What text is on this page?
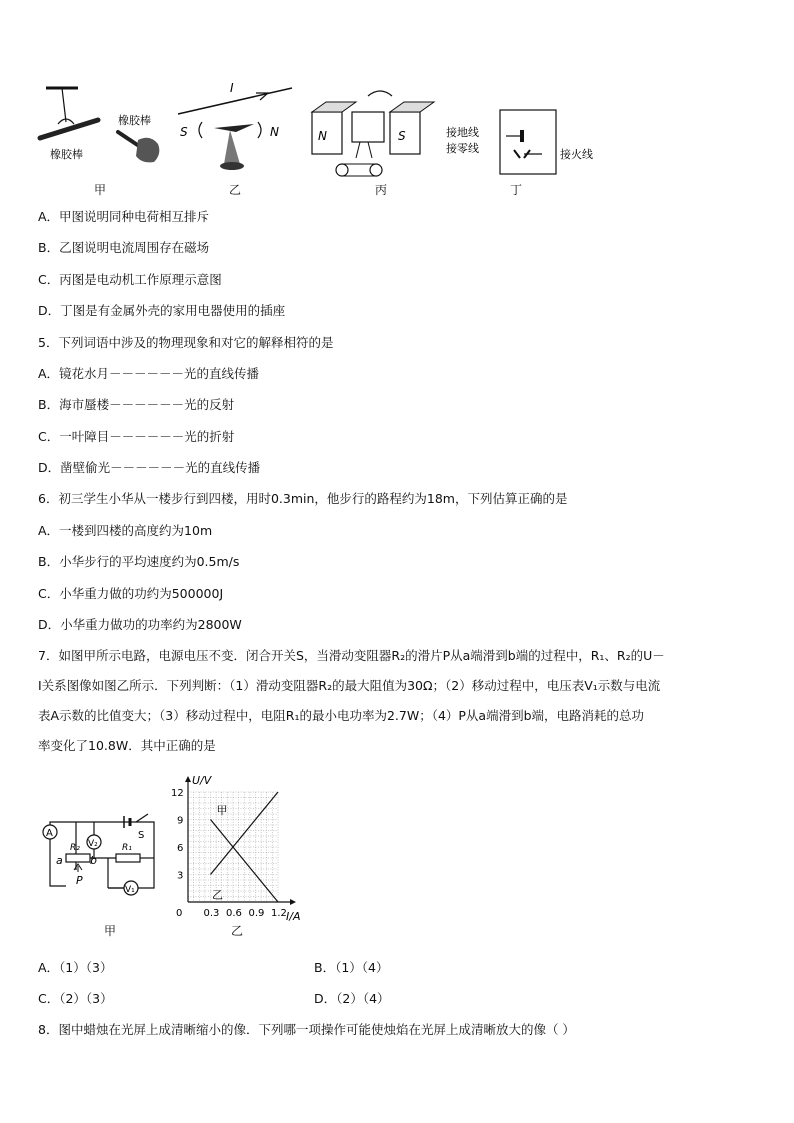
橡胶棒
橡胶棒
I
S	N	N	S	接地线
接零线	接火线
甲	乙	丙	丁
A．甲图说明同种电荷相互排斥
B．乙图说明电流周围存在磁场
C．丙图是电动机工作原理示意图
D．丁图是有金属外壳的家用电器使用的插座
5．下列词语中涉及的物理现象和对它的解释相符的是
A．镜花水月－－－－－－光的直线传播
B．海市蜃楼－－－－－－光的反射
C．一叶障目－－－－－－光的折射
D．凿壁偷光－－－－－－光的直线传播
6．初三学生小华从一楼步行到四楼，用时0.3min，他步行的路程约为18m，下列估算正确的是
A．一楼到四楼的高度约为10m
B．小华步行的平均速度约为0.5m/s
C．小华重力做的功约为500000J
D．小华重力做功的功率约为2800W
7．如图甲所示电路，电源电压不变．闭合开关S，当滑动变阻器R₂的滑片P从a端滑到b端的过程中，R₁、R₂的U－
I关系图像如图乙所示．下列判断：（1）滑动变阻器R₂的最大阻值为30Ω；（2）移动过程中，电压表V₁示数与电流
表A示数的比值变大；（3）移动过程中，电阻R₁的最小电功率为2.7W；（4）P从a端滑到b端，电路消耗的总功
率变化了10.8W．其中正确的是
A
V₂
R₂
a b
P
R₁
S
V₁
甲
0 0.3 0.6 0.9 1.2
3
6
9
12
甲
乙
I/A
U/V
乙
A．（1）（3）	B．（1）（4）
C．（2）（3）	D．（2）（4）
8．图中蜡烛在光屏上成清晰缩小的像．下列哪一项操作可能使烛焰在光屏上成清晰放大的像（ ）
